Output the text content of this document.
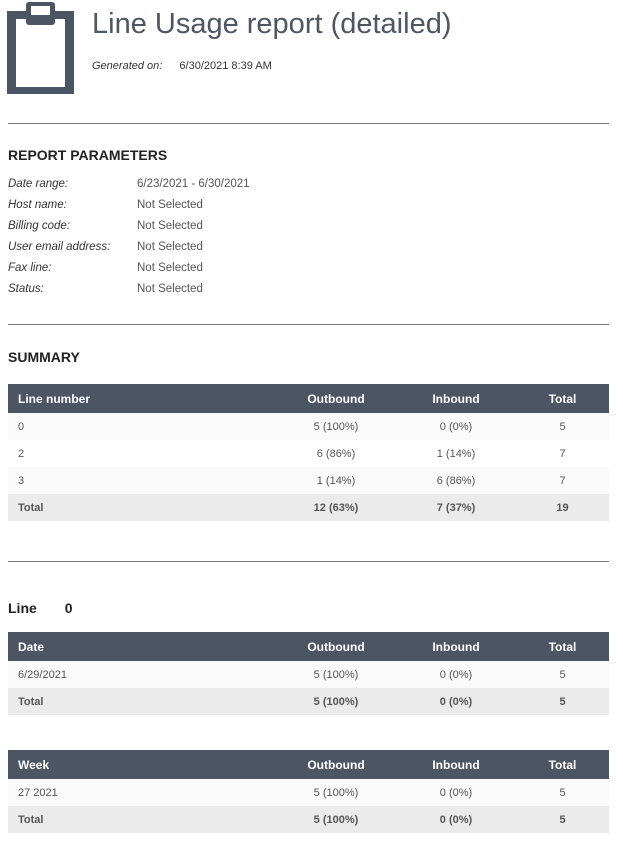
Line Usage report (detailed)
Generated on: 6/30/2021 8:39 AM
REPORT PARAMETERS
Date range:	6/23/2021 - 6/30/2021
Host name:	Not Selected
Billing code:	Not Selected
User email address: Not Selected
Fax line:	Not Selected
Status:	Not Selected
SUMMARY
Line number	Outbound	Inbound	Total
0	5 (100%)	0 (0%)	5
2	6 (86%)	1 (14%)	7
3	1 (14%)	6 (86%)	7
Total	12 (63%)	7 (37%)	19
Line 0
Date	Outbound	Inbound	Total
6/29/2021	5 (100%)	0 (0%)	5
Total	5 (100%)	0 (0%)	5
Week	Outbound	Inbound	Total
27 2021	5 (100%)	0 (0%)	5
Total	5 (100%)	0 (0%)	5
